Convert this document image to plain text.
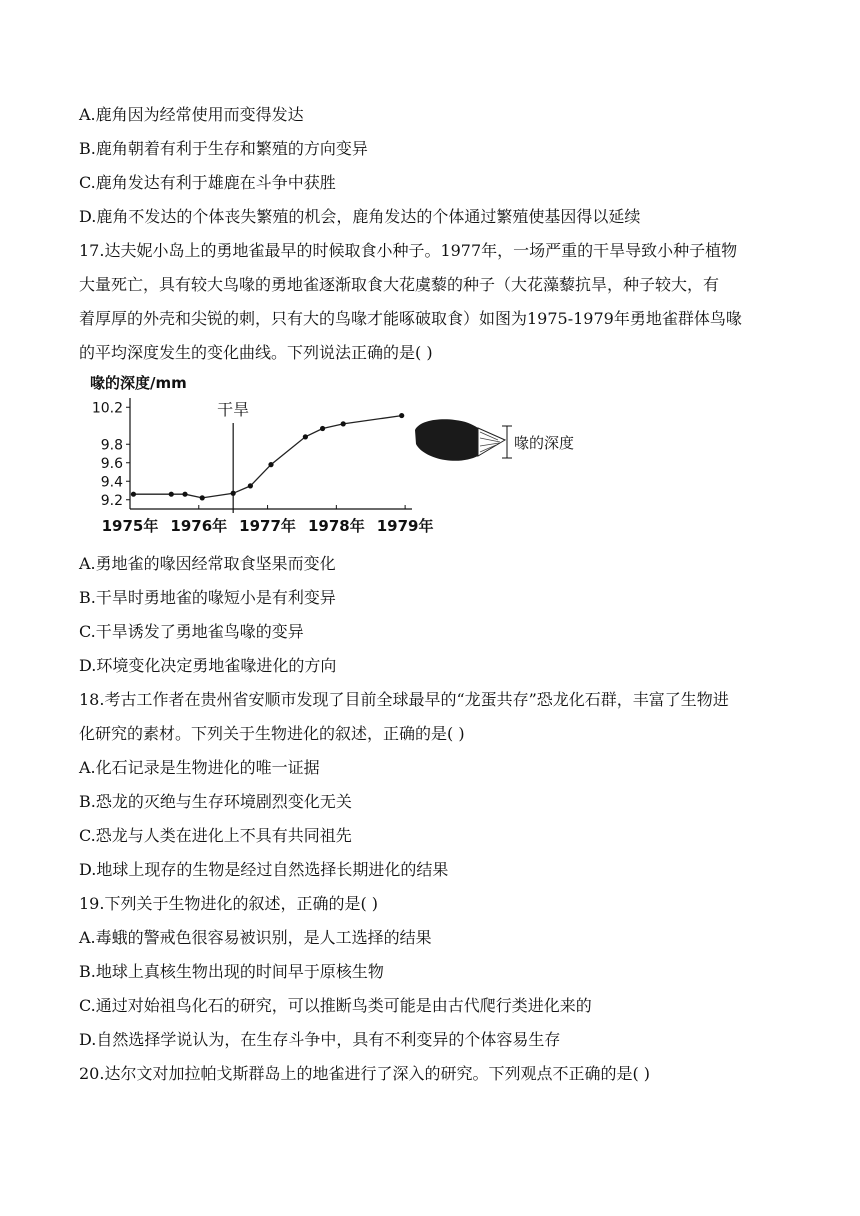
A.鹿角因为经常使用而变得发达
B.鹿角朝着有利于生存和繁殖的方向变异
C.鹿角发达有利于雄鹿在斗争中获胜
D.鹿角不发达的个体丧失繁殖的机会，鹿角发达的个体通过繁殖使基因得以延续
17.达夫妮小岛上的勇地雀最早的时候取食小种子。1977年，一场严重的干旱导致小种子植物
大量死亡，具有较大鸟喙的勇地雀逐渐取食大花虞藜的种子（大花藻藜抗旱，种子较大，有
着厚厚的外壳和尖锐的刺，只有大的鸟喙才能啄破取食）如图为1975-1979年勇地雀群体鸟喙
的平均深度发生的变化曲线。下列说法正确的是( )
喙的深度/mm
9.2
9.4
9.6
9.8
10.2
1975年 1976年 1977年 1978年 1979年
干旱
喙的深度
A.勇地雀的喙因经常取食坚果而变化
B.干旱时勇地雀的喙短小是有利变异
C.干旱诱发了勇地雀鸟喙的变异
D.环境变化决定勇地雀喙进化的方向
18.考古工作者在贵州省安顺市发现了目前全球最早的“龙蛋共存”恐龙化石群，丰富了生物进
化研究的素材。下列关于生物进化的叙述，正确的是( )
A.化石记录是生物进化的唯一证据
B.恐龙的灭绝与生存环境剧烈变化无关
C.恐龙与人类在进化上不具有共同祖先
D.地球上现存的生物是经过自然选择长期进化的结果
19.下列关于生物进化的叙述，正确的是( )
A.毒蛾的警戒色很容易被识别，是人工选择的结果
B.地球上真核生物出现的时间早于原核生物
C.通过对始祖鸟化石的研究，可以推断鸟类可能是由古代爬行类进化来的
D.自然选择学说认为，在生存斗争中，具有不利变异的个体容易生存
20.达尔文对加拉帕戈斯群岛上的地雀进行了深入的研究。下列观点不正确的是( )
